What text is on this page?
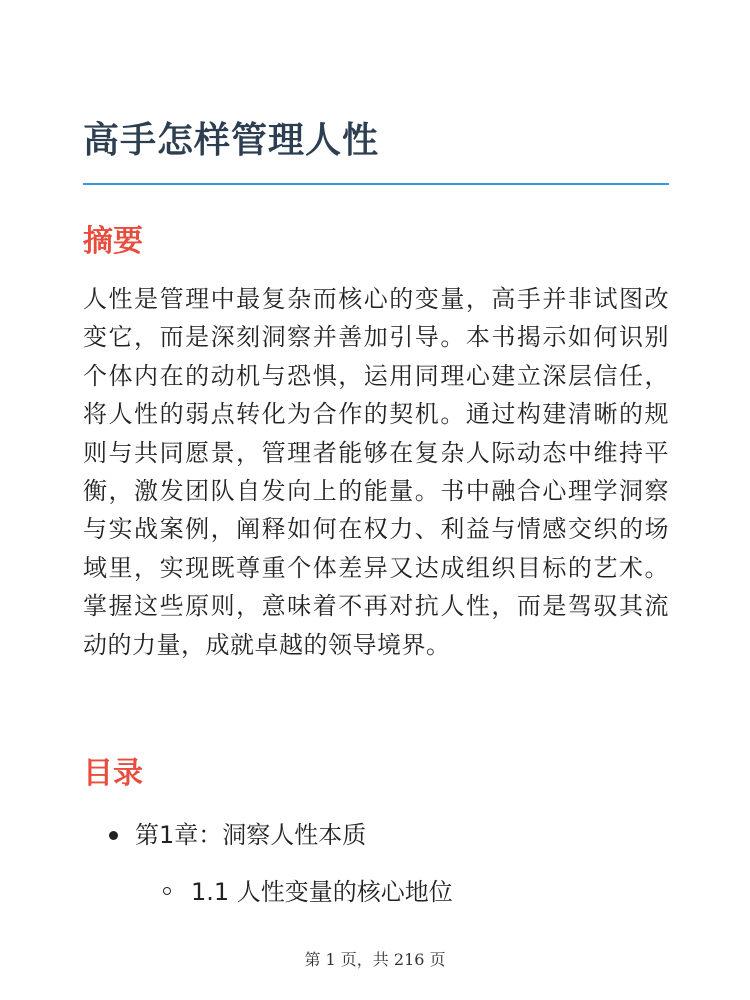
高手怎样管理人性
摘要

人性是管理中最复杂而核心的变量，高手并非试图改变它，而是深刻洞察并善加引导。本书揭示如何识别个体内在的动机与恐惧，运用同理心建立深层信任，将人性的弱点转化为合作的契机。通过构建清晰的规则与共同愿景，管理者能够在复杂人际动态中维持平衡，激发团队自发向上的能量。书中融合心理学洞察与实战案例，阐释如何在权力、利益与情感交织的场域里，实现既尊重个体差异又达成组织目标的艺术。掌握这些原则，意味着不再对抗人性，而是驾驭其流动的力量，成就卓越的领导境界。

目录
第1章：洞察人性本质
1.1 人性变量的核心地位
第 1 页，共 216 页
